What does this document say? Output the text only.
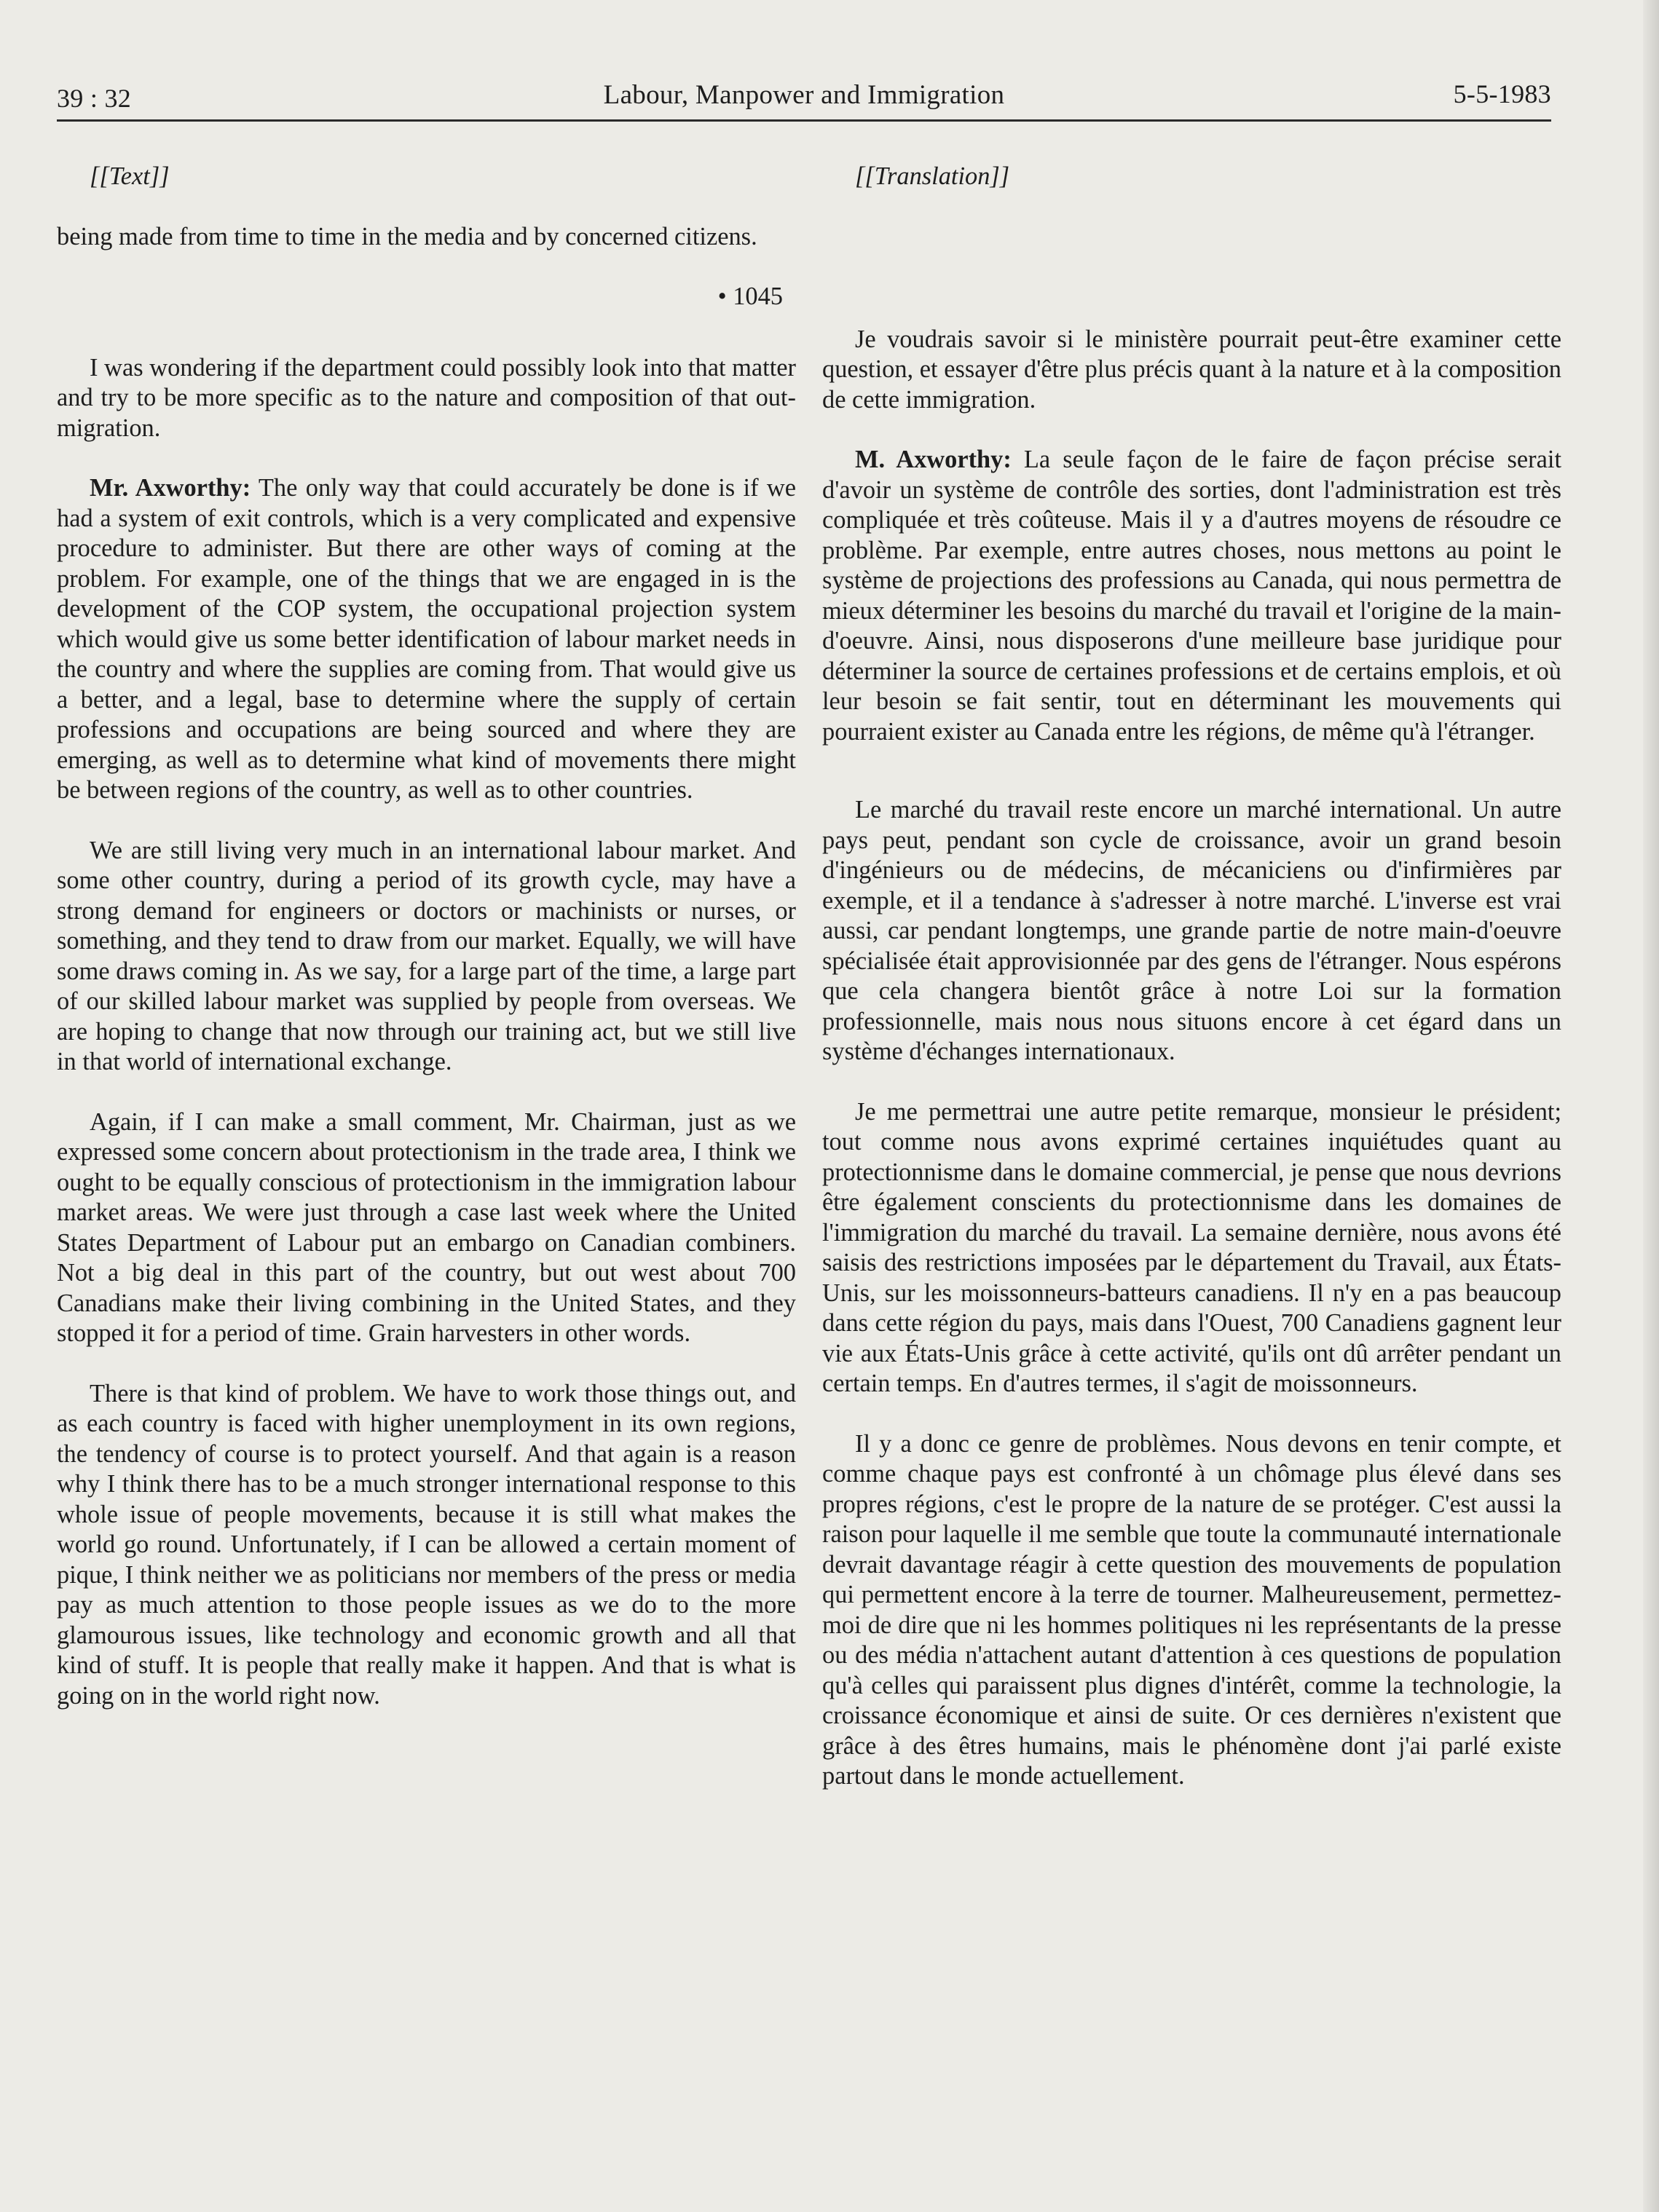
39 : 32	Labour, Manpower and Immigration	5-5-1983

[[Text]]

being made from time to time in the media and by concerned citizens.

• 1045

I was wondering if the department could possibly look into that matter and try to be more specific as to the nature and composition of that out-migration.

Mr. Axworthy: The only way that could accurately be done is if we had a system of exit controls, which is a very complicated and expensive procedure to administer. But there are other ways of coming at the problem. For example, one of the things that we are engaged in is the development of the COP system, the occupational projection system which would give us some better identification of labour market needs in the country and where the supplies are coming from. That would give us a better, and a legal, base to determine where the supply of certain professions and occupations are being sourced and where they are emerging, as well as to determine what kind of movements there might be between regions of the country, as well as to other countries.

We are still living very much in an international labour market. And some other country, during a period of its growth cycle, may have a strong demand for engineers or doctors or machinists or nurses, or something, and they tend to draw from our market. Equally, we will have some draws coming in. As we say, for a large part of the time, a large part of our skilled labour market was supplied by people from overseas. We are hoping to change that now through our training act, but we still live in that world of international exchange.

Again, if I can make a small comment, Mr. Chairman, just as we expressed some concern about protectionism in the trade area, I think we ought to be equally conscious of protectionism in the immigration labour market areas. We were just through a case last week where the United States Department of Labour put an embargo on Canadian combiners. Not a big deal in this part of the country, but out west about 700 Canadians make their living combining in the United States, and they stopped it for a period of time. Grain harvesters in other words.

There is that kind of problem. We have to work those things out, and as each country is faced with higher unemployment in its own regions, the tendency of course is to protect yourself. And that again is a reason why I think there has to be a much stronger international response to this whole issue of people movements, because it is still what makes the world go round. Unfortunately, if I can be allowed a certain moment of pique, I think neither we as politicians nor members of the press or media pay as much attention to those people issues as we do to the more glamourous issues, like technology and economic growth and all that kind of stuff. It is people that really make it happen. And that is what is going on in the world right now.

[[Translation]]

Je voudrais savoir si le ministère pourrait peut-être examiner cette question, et essayer d'être plus précis quant à la nature et à la composition de cette immigration.

M. Axworthy: La seule façon de le faire de façon précise serait d'avoir un système de contrôle des sorties, dont l'administration est très compliquée et très coûteuse. Mais il y a d'autres moyens de résoudre ce problème. Par exemple, entre autres choses, nous mettons au point le système de projections des professions au Canada, qui nous permettra de mieux déterminer les besoins du marché du travail et l'origine de la main-d'oeuvre. Ainsi, nous disposerons d'une meilleure base juridique pour déterminer la source de certaines professions et de certains emplois, et où leur besoin se fait sentir, tout en déterminant les mouvements qui pourraient exister au Canada entre les régions, de même qu'à l'étranger.

Le marché du travail reste encore un marché international. Un autre pays peut, pendant son cycle de croissance, avoir un grand besoin d'ingénieurs ou de médecins, de mécaniciens ou d'infirmières par exemple, et il a tendance à s'adresser à notre marché. L'inverse est vrai aussi, car pendant longtemps, une grande partie de notre main-d'oeuvre spécialisée était approvisionnée par des gens de l'étranger. Nous espérons que cela changera bientôt grâce à notre Loi sur la formation professionnelle, mais nous nous situons encore à cet égard dans un système d'échanges internationaux.

Je me permettrai une autre petite remarque, monsieur le président; tout comme nous avons exprimé certaines inquiétudes quant au protectionnisme dans le domaine commercial, je pense que nous devrions être également conscients du protectionnisme dans les domaines de l'immigration du marché du travail. La semaine dernière, nous avons été saisis des restrictions imposées par le département du Travail, aux États-Unis, sur les moissonneurs-batteurs canadiens. Il n'y en a pas beaucoup dans cette région du pays, mais dans l'Ouest, 700 Canadiens gagnent leur vie aux États-Unis grâce à cette activité, qu'ils ont dû arrêter pendant un certain temps. En d'autres termes, il s'agit de moissonneurs.

Il y a donc ce genre de problèmes. Nous devons en tenir compte, et comme chaque pays est confronté à un chômage plus élevé dans ses propres régions, c'est le propre de la nature de se protéger. C'est aussi la raison pour laquelle il me semble que toute la communauté internationale devrait davantage réagir à cette question des mouvements de population qui permettent encore à la terre de tourner. Malheureusement, permettez-moi de dire que ni les hommes politiques ni les représentants de la presse ou des média n'attachent autant d'attention à ces questions de population qu'à celles qui paraissent plus dignes d'intérêt, comme la technologie, la croissance économique et ainsi de suite. Or ces dernières n'existent que grâce à des êtres humains, mais le phénomène dont j'ai parlé existe partout dans le monde actuellement.
